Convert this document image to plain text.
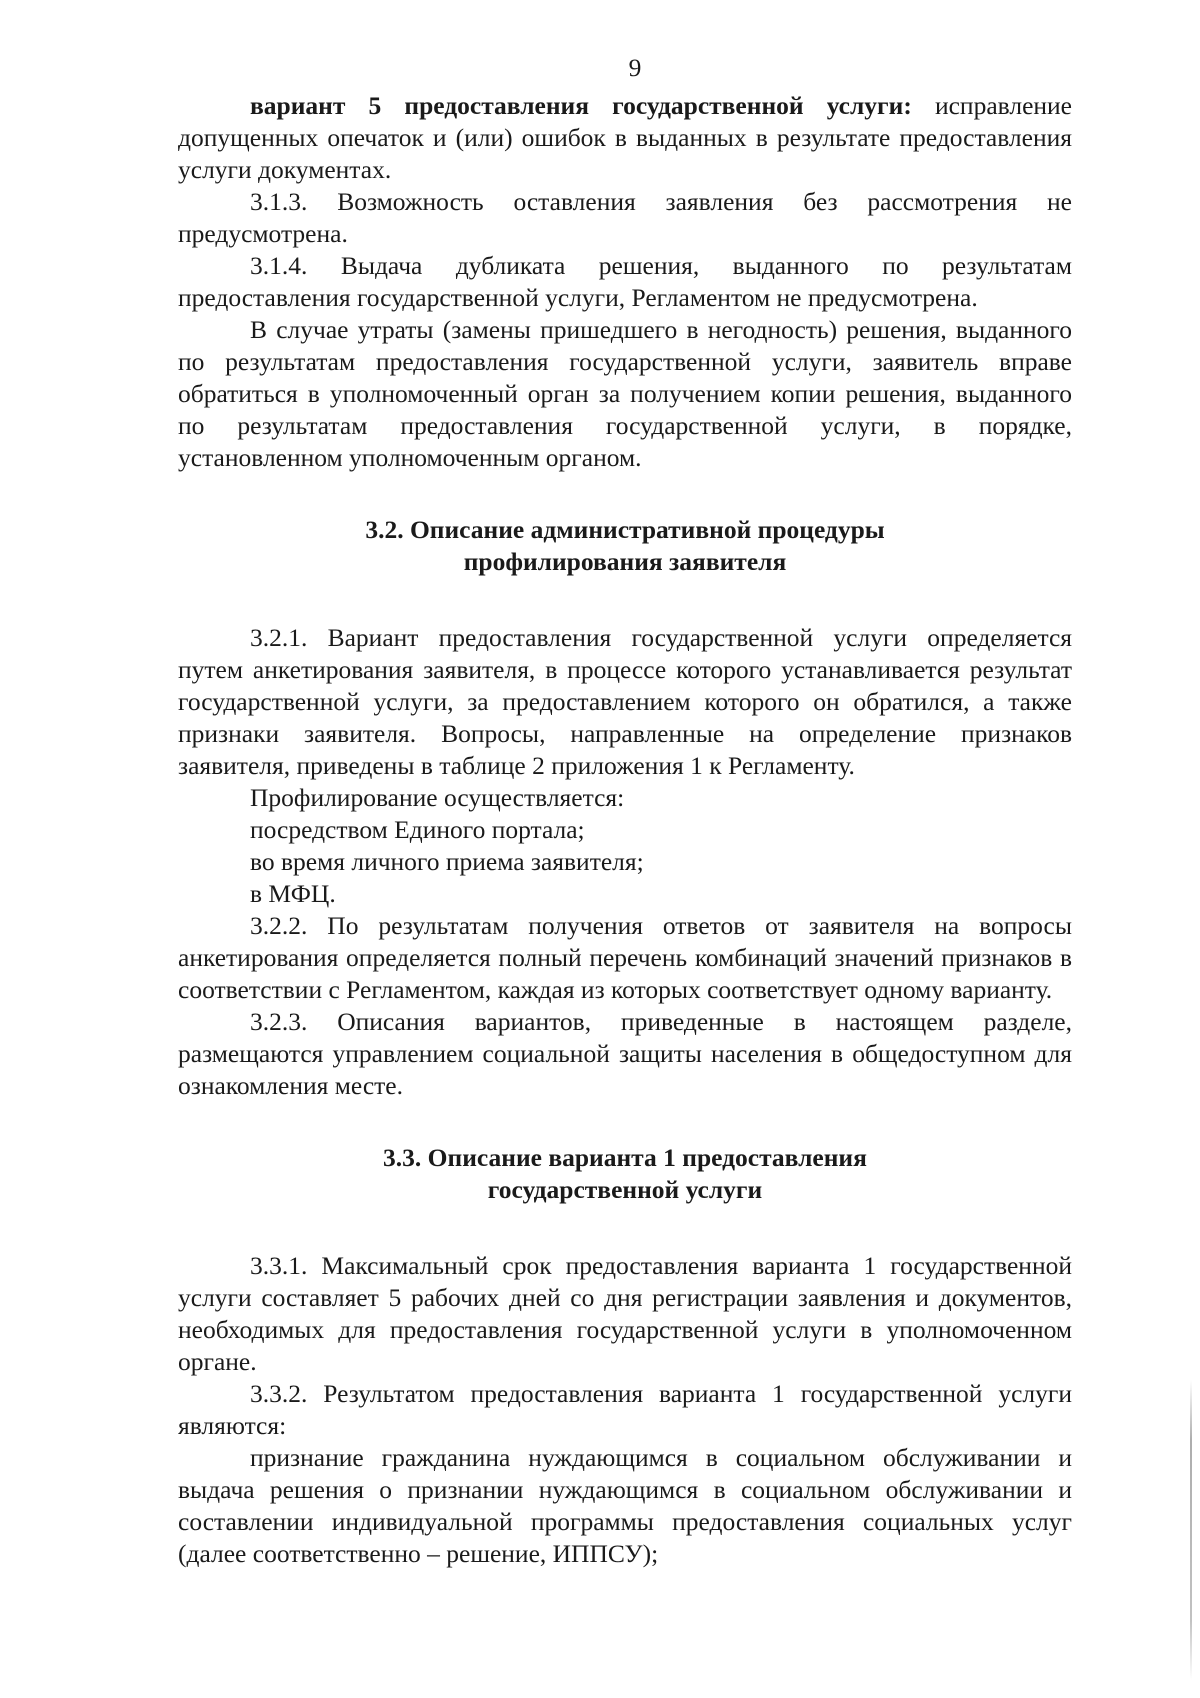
9

вариант 5 предоставления государственной услуги: исправление допущенных опечаток и (или) ошибок в выданных в результате предоставления услуги документах.

3.1.3. Возможность оставления заявления без рассмотрения не предусмотрена.

3.1.4. Выдача дубликата решения, выданного по результатам предоставления государственной услуги, Регламентом не предусмотрена.

В случае утраты (замены пришедшего в негодность) решения, выданного по результатам предоставления государственной услуги, заявитель вправе обратиться в уполномоченный орган за получением копии решения, выданного по результатам предоставления государственной услуги, в порядке, установленном уполномоченным органом.

3.2. Описание административной процедуры
профилирования заявителя

3.2.1. Вариант предоставления государственной услуги определяется путем анкетирования заявителя, в процессе которого устанавливается результат государственной услуги, за предоставлением которого он обратился, а также признаки заявителя. Вопросы, направленные на определение признаков заявителя, приведены в таблице 2 приложения 1 к Регламенту.

Профилирование осуществляется:

посредством Единого портала;

во время личного приема заявителя;

в МФЦ.

3.2.2. По результатам получения ответов от заявителя на вопросы анкетирования определяется полный перечень комбинаций значений признаков в соответствии с Регламентом, каждая из которых соответствует одному варианту.

3.2.3. Описания вариантов, приведенные в настоящем разделе, размещаются управлением социальной защиты населения в общедоступном для ознакомления месте.

3.3. Описание варианта 1 предоставления
государственной услуги

3.3.1. Максимальный срок предоставления варианта 1 государственной услуги составляет 5 рабочих дней со дня регистрации заявления и документов, необходимых для предоставления государственной услуги в уполномоченном органе.

3.3.2. Результатом предоставления варианта 1 государственной услуги являются:

признание гражданина нуждающимся в социальном обслуживании и выдача решения о признании нуждающимся в социальном обслуживании и составлении индивидуальной программы предоставления социальных услуг (далее соответственно – решение, ИППСУ);
